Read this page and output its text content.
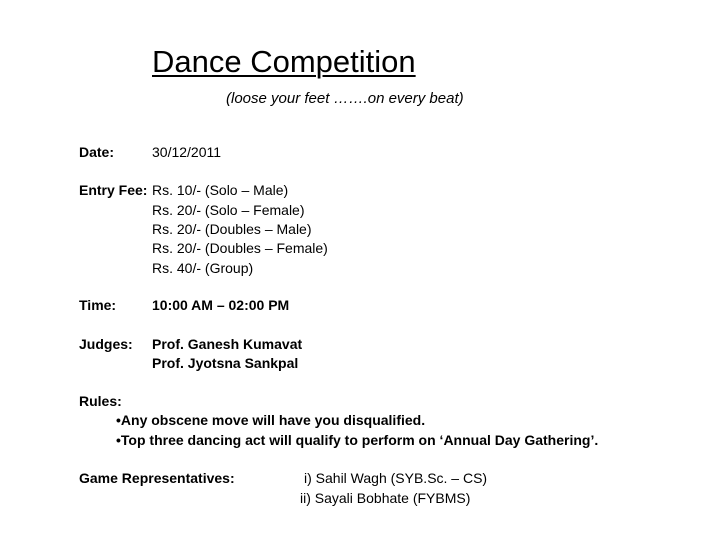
Dance Competition
(loose your feet …….on every beat)
Date:	30/12/2011
Entry Fee: Rs. 10/- (Solo – Male)
Rs. 20/- (Solo – Female)
Rs. 20/- (Doubles – Male)
Rs. 20/- (Doubles – Female)
Rs. 40/- (Group)
Time:	10:00 AM – 02:00 PM
Judges: Prof. Ganesh Kumavat
Prof. Jyotsna Sankpal
Rules:
•Any obscene move will have you disqualified.
•Top three dancing act will qualify to perform on ‘Annual Day Gathering’.
Game Representatives:	i) Sahil Wagh (SYB.Sc. – CS)
ii) Sayali Bobhate (FYBMS)
